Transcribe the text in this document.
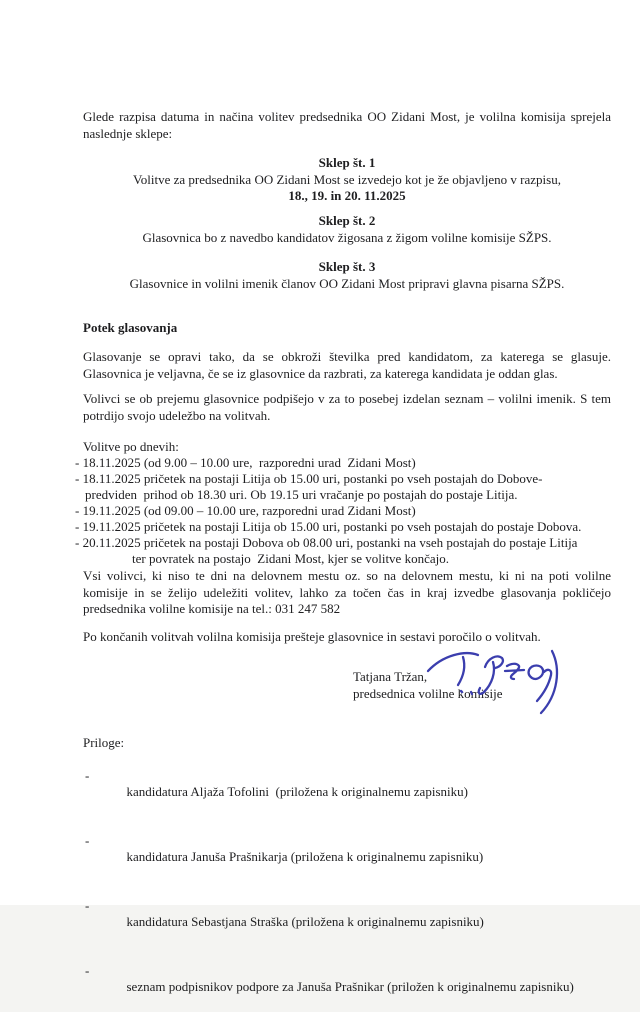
Glede razpisa datuma in načina volitev predsednika OO Zidani Most, je volilna komisija sprejela
naslednje sklepe:
Sklep št. 1
Volitve za predsednika OO Zidani Most se izvedejo kot je že objavljeno v razpisu,
18., 19. in 20. 11.2025
Sklep št. 2
Glasovnica bo z navedbo kandidatov žigosana z žigom volilne komisije SŽPS.
Sklep št. 3
Glasovnice in volilni imenik članov OO Zidani Most pripravi glavna pisarna SŽPS.
Potek glasovanja
Glasovanje se opravi tako, da se obkroži številka pred kandidatom, za katerega se glasuje.
Glasovnica je veljavna, če se iz glasovnice da razbrati, za katerega kandidata je oddan glas.
Volivci se ob prejemu glasovnice podpišejo v za to posebej izdelan seznam – volilni imenik. S tem
potrdijo svojo udeležbo na volitvah.
Volitve po dnevih:
- 18.11.2025 (od 9.00 – 10.00 ure,  razporedni urad  Zidani Most)
- 18.11.2025 pričetek na postaji Litija ob 15.00 uri, postanki po vseh postajah do Dobove-
predviden  prihod ob 18.30 uri. Ob 19.15 uri vračanje po postajah do postaje Litija.
- 19.11.2025 (od 09.00 – 10.00 ure, razporedni urad Zidani Most)
- 19.11.2025 pričetek na postaji Litija ob 15.00 uri, postanki po vseh postajah do postaje Dobova.
- 20.11.2025 pričetek na postaji Dobova ob 08.00 uri, postanki na vseh postajah do postaje Litija
ter povratek na postajo  Zidani Most, kjer se volitve končajo.
Vsi volivci, ki niso te dni na delovnem mestu oz. so na delovnem mestu, ki ni na poti volilne
komisije in se želijo udeležiti volitev, lahko za točen čas in kraj izvedbe glasovanja pokličejo
predsednika volilne komisije na tel.: 031 247 582
Po končanih volitvah volilna komisija prešteje glasovnice in sestavi poročilo o volitvah.
Tatjana Tržan,
predsednica volilne komisije
Priloge:

-

kandidatura Aljaža Tofolini  (priložena k originalnemu zapisniku)

-

kandidatura Januša Prašnikarja (priložena k originalnemu zapisniku)

-

kandidatura Sebastjana Straška (priložena k originalnemu zapisniku)

-

seznam podpisnikov podpore za Januša Prašnikar (priložen k originalnemu zapisniku)
